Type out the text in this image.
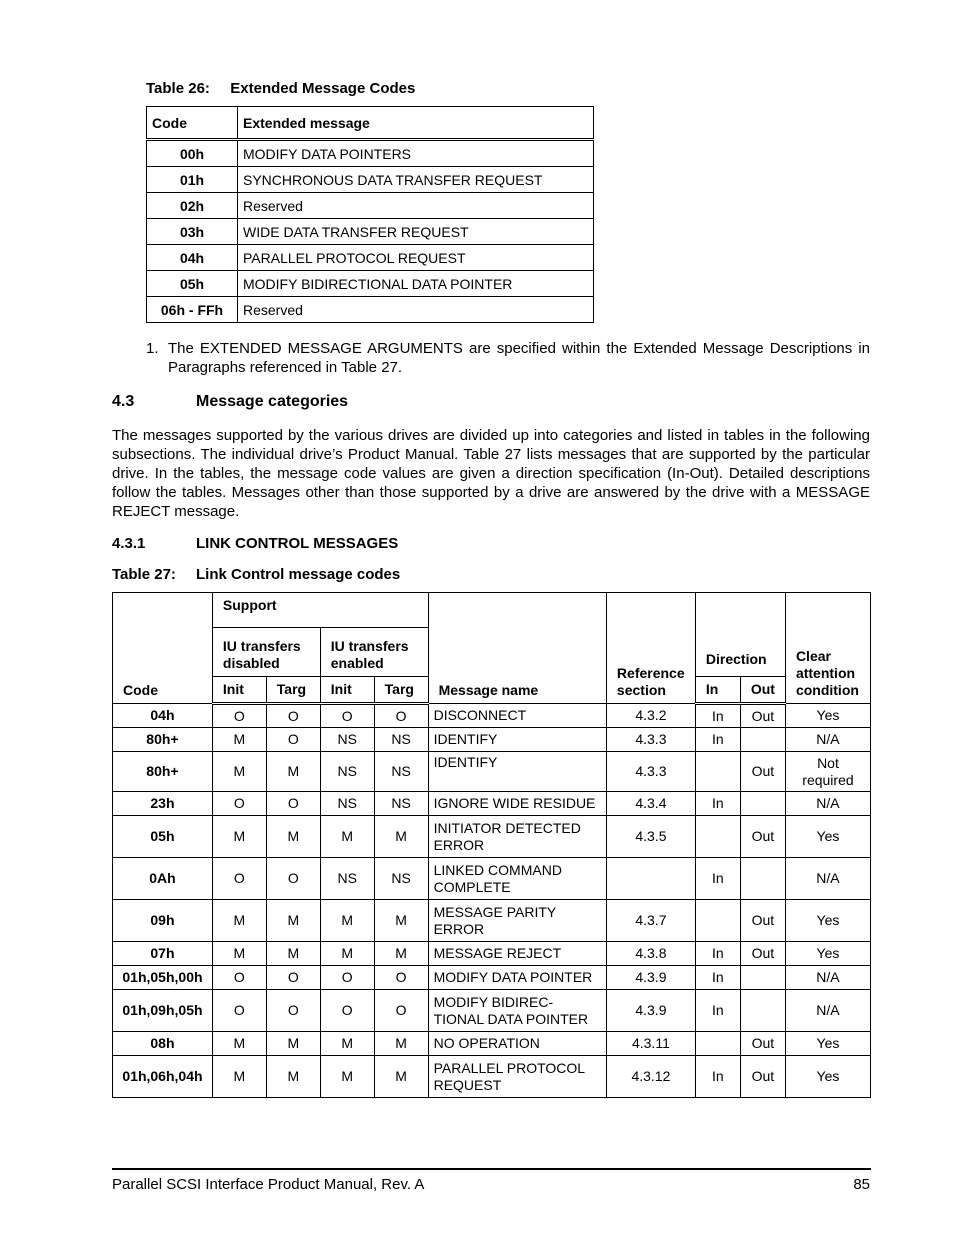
Table 26: Extended Message Codes
Code	Extended message
00h	MODIFY DATA POINTERS
01h	SYNCHRONOUS DATA TRANSFER REQUEST
02h	Reserved
03h	WIDE DATA TRANSFER REQUEST
04h	PARALLEL PROTOCOL REQUEST
05h	MODIFY BIDIRECTIONAL DATA POINTER
06h - FFh	Reserved
1. The EXTENDED MESSAGE ARGUMENTS are specified within the Extended Message Descriptions in Paragraphs referenced in Table 27.
4.3	Message categories
The messages supported by the various drives are divided up into categories and listed in tables in the following subsections. The individual drive’s Product Manual. Table 27 lists messages that are supported by the particular drive. In the tables, the message code values are given a direction specification (In-Out). Detailed descriptions follow the tables. Messages other than those supported by a drive are answered by the drive with a MESSAGE REJECT message.
4.3.1	LINK CONTROL MESSAGES
Table 27: Link Control message codes
Code	Support				Message name	Reference section	Direction		Clear attention condition
	IU transfers disabled		IU transfers enabled						
	Init	Targ	Init	Targ			In	Out	
04h	O	O	O	O	DISCONNECT	4.3.2	In	Out	Yes
80h+	M	O	NS	NS	IDENTIFY	4.3.3	In		N/A
80h+	M	M	NS	NS	IDENTIFY	4.3.3		Out	Not required
23h	O	O	NS	NS	IGNORE WIDE RESIDUE	4.3.4	In		N/A
05h	M	M	M	M	INITIATOR DETECTED ERROR	4.3.5		Out	Yes
0Ah	O	O	NS	NS	LINKED COMMAND COMPLETE		In		N/A
09h	M	M	M	M	MESSAGE PARITY ERROR	4.3.7		Out	Yes
07h	M	M	M	M	MESSAGE REJECT	4.3.8	In	Out	Yes
01h,05h,00h	O	O	O	O	MODIFY DATA POINTER	4.3.9	In		N/A
01h,09h,05h	O	O	O	O	MODIFY BIDIREC-TIONAL DATA POINTER	4.3.9	In		N/A
08h	M	M	M	M	NO OPERATION	4.3.11		Out	Yes
01h,06h,04h	M	M	M	M	PARALLEL PROTOCOL REQUEST	4.3.12	In	Out	Yes
Parallel SCSI Interface Product Manual, Rev. A	85
